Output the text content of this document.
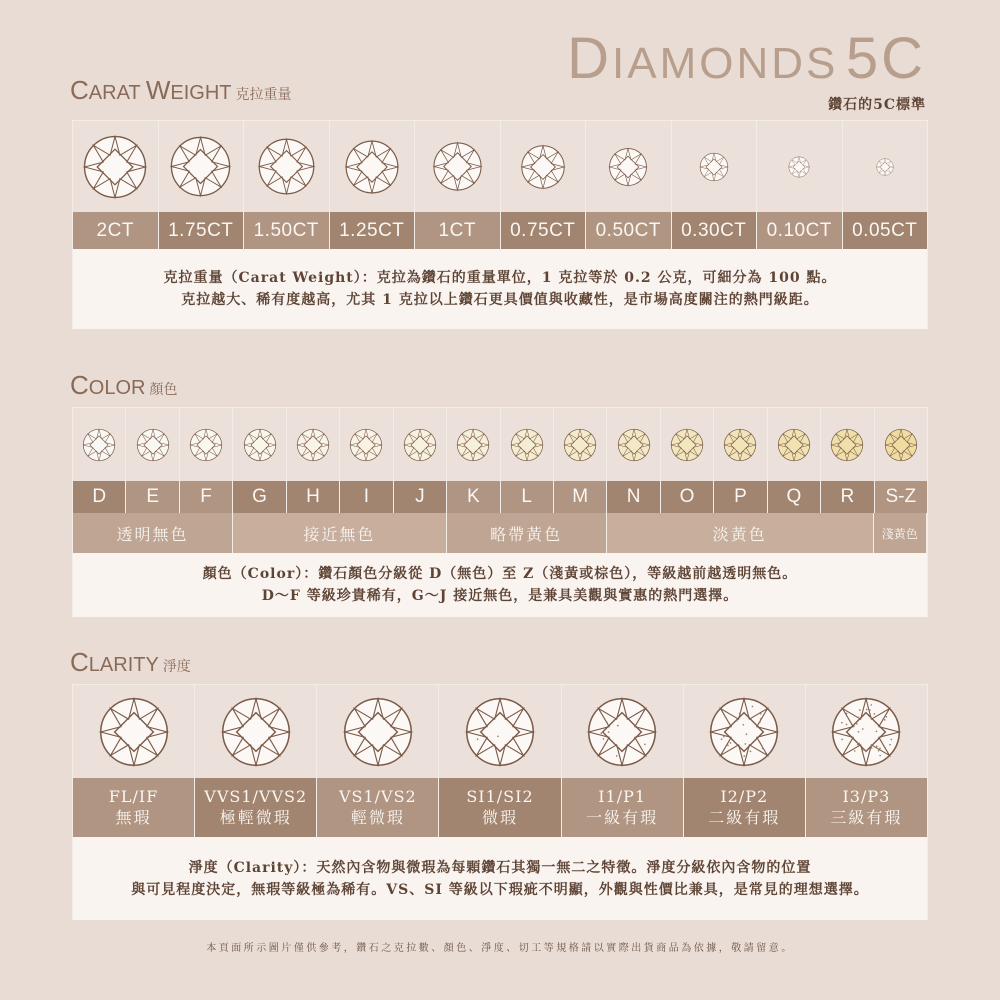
DIAMONDS 5C
鑽石的5C標準
CARAT WEIGHT 克拉重量
2CT 1.75CT 1.50CT 1.25CT 1CT 0.75CT 0.50CT 0.30CT 0.10CT 0.05CT
克拉重量（Carat Weight）：克拉為鑽石的重量單位，1 克拉等於 0.2 公克，可細分為 100 點。
克拉越大、稀有度越高，尤其 1 克拉以上鑽石更具價值與收藏性，是市場高度關注的熱門級距。
COLOR 顏色
D E F G H I J K L M N O P Q R S-Z
透明無色	接近無色	略帶黃色	淡黃色	淺黃色
顏色（Color）：鑽石顏色分級從 D（無色）至 Z（淺黃或棕色），等級越前越透明無色。
D～F 等級珍貴稀有，G～J 接近無色，是兼具美觀與實惠的熱門選擇。
CLARITY 淨度
FL/IF
無瑕
VVS1/VVS2
極輕微瑕
VS1/VS2
輕微瑕
SI1/SI2
微瑕
I1/P1
一級有瑕
I2/P2
二級有瑕
I3/P3
三級有瑕
淨度（Clarity）：天然內含物與微瑕為每顆鑽石其獨一無二之特徵。淨度分級依內含物的位置
與可見程度決定，無瑕等級極為稀有。VS、SI 等級以下瑕疵不明顯，外觀與性價比兼具，是常見的理想選擇。
本頁面所示圖片僅供參考，鑽石之克拉數、顏色、淨度、切工等規格請以實際出貨商品為依據，敬請留意。
